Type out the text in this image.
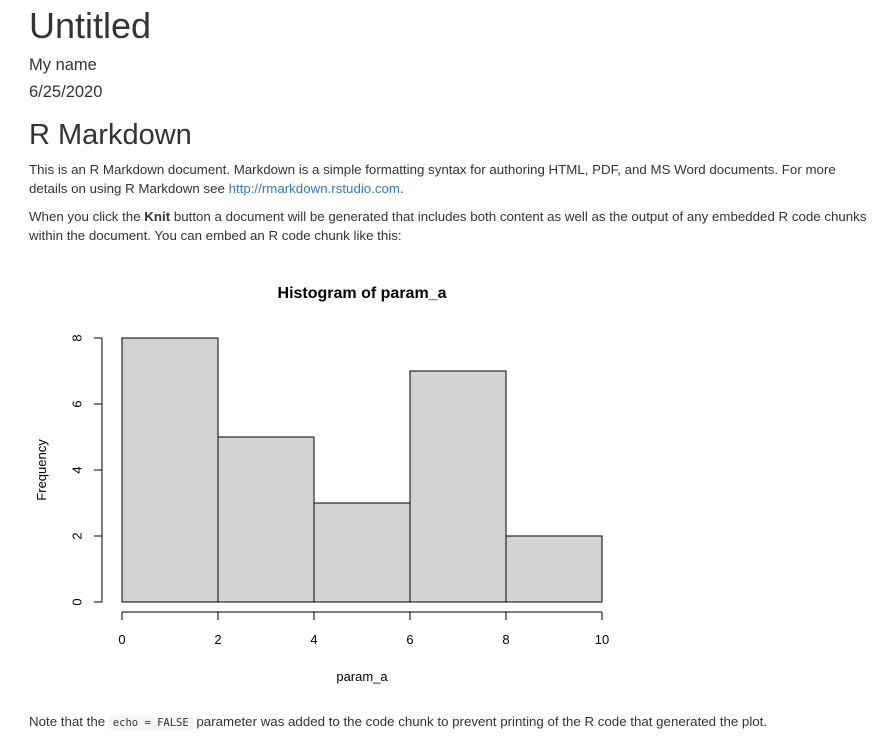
Untitled

My name

6/25/2020

R Markdown

This is an R Markdown document. Markdown is a simple formatting syntax for authoring HTML, PDF, and MS Word documents. For more details on using R Markdown see http://rmarkdown.rstudio.com.

When you click the Knit button a document will be generated that includes both content as well as the output of any embedded R code chunks within the document. You can embed an R code chunk like this:

Note that the echo = FALSE parameter was added to the code chunk to prevent printing of the R code that generated the plot.

Histogram of param_a
Frequency
param_a
0	2	4	6	8	10
0
2
4
6
8
